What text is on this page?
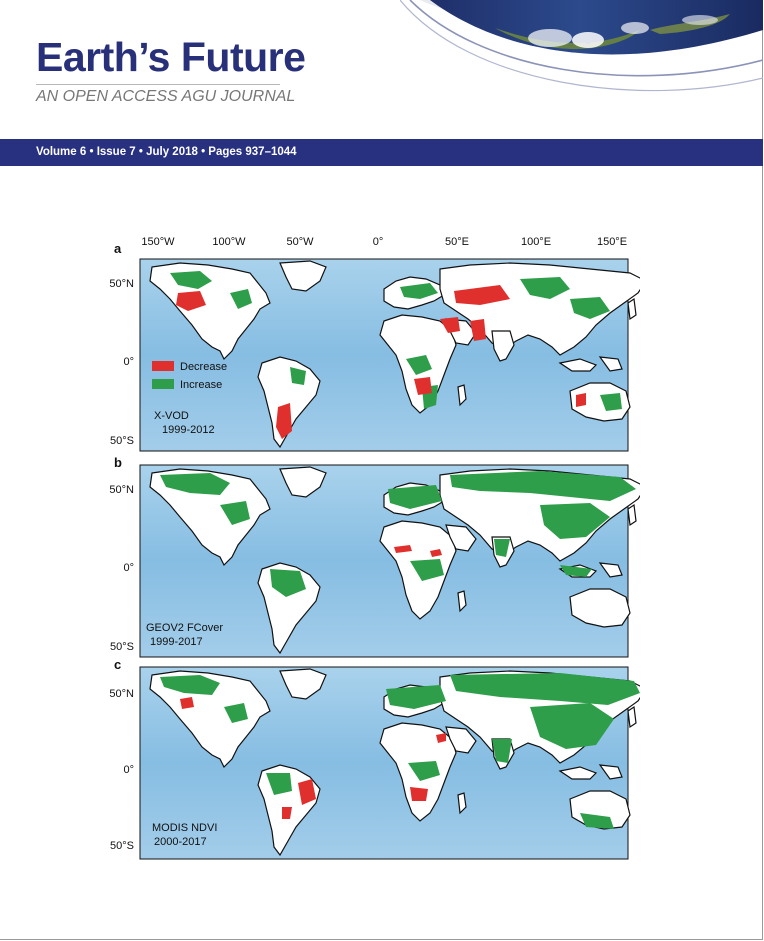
Earth’s Future
AN OPEN ACCESS AGU JOURNAL
Volume 6 • Issue 7 • July 2018 • Pages 937–1044
150°W	100°W	50°W	0°	50°E	100°E	150°E
a
Decrease
Increase
X-VOD
1999-2012
50°N
0°
50°S
b
GEOV2 FCover
1999-2017
50°N
0°
50°S
c
MODIS NDVI
2000-2017
50°N
0°
50°S
